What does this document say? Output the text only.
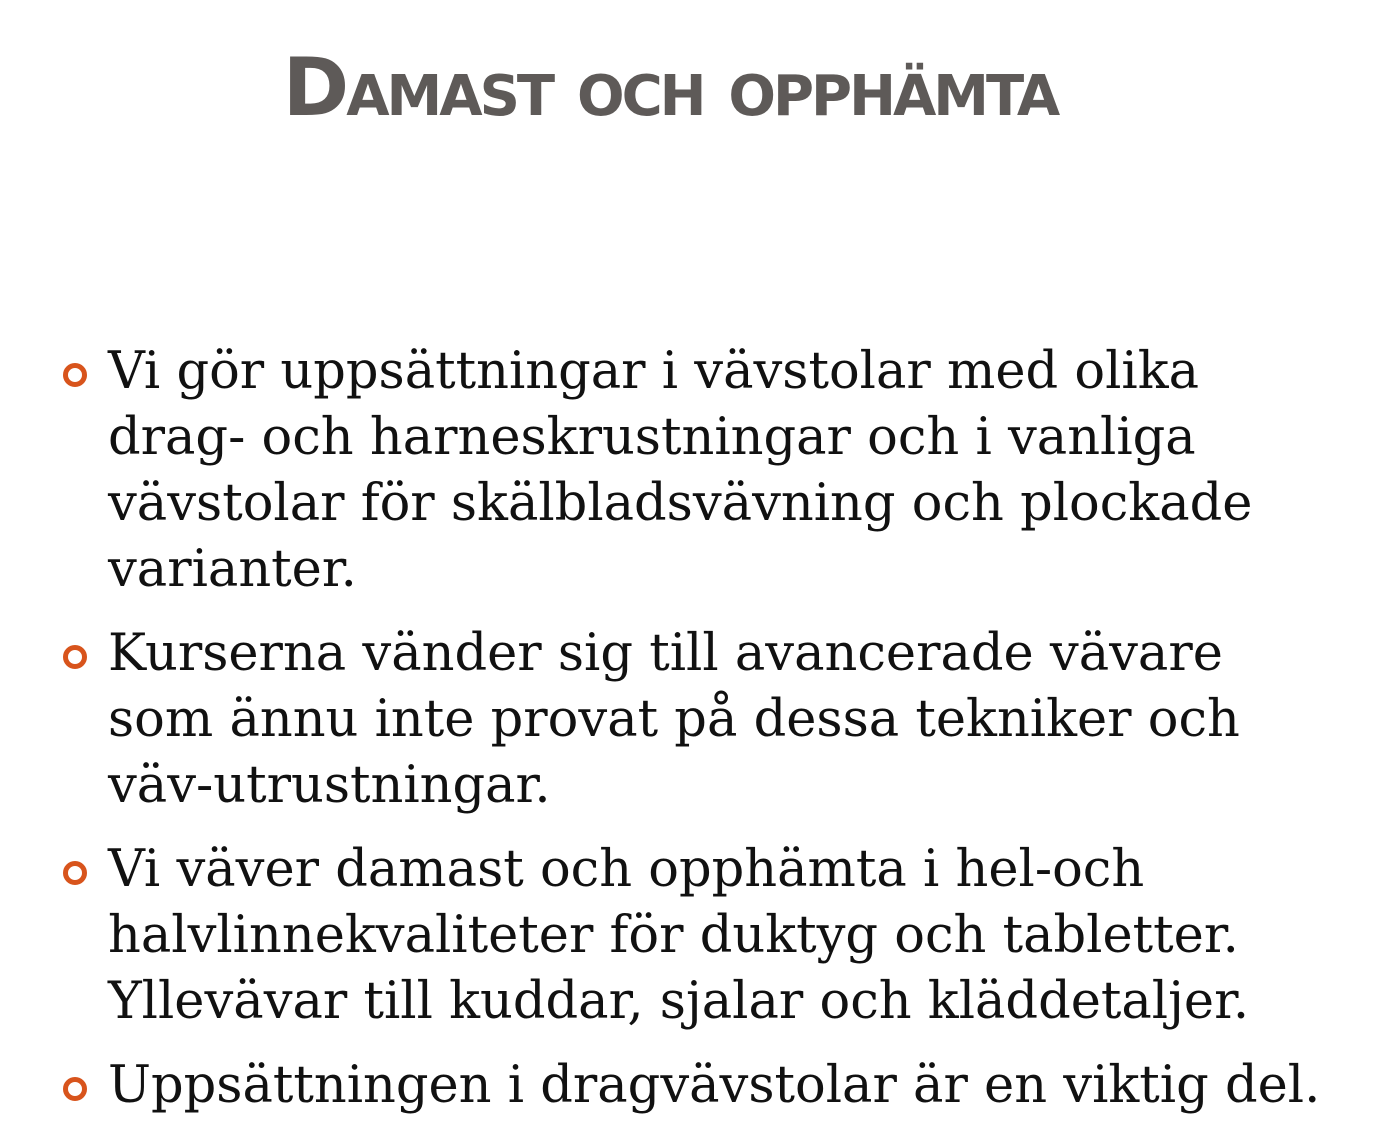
Damast och opphämta
Vi gör uppsättningar i vävstolar med olika drag- och harneskrustningar och i vanliga vävstolar för skälbladsvävning och plockade varianter.
Kurserna vänder sig till avancerade vävare som ännu inte provat på dessa tekniker och väv-utrustningar.
Vi väver damast och opphämta i hel-och halvlinnekvaliteter för duktyg och tabletter. Yllevävar till kuddar, sjalar och kläddetaljer.
Uppsättningen i dragvävstolar är en viktig del.
